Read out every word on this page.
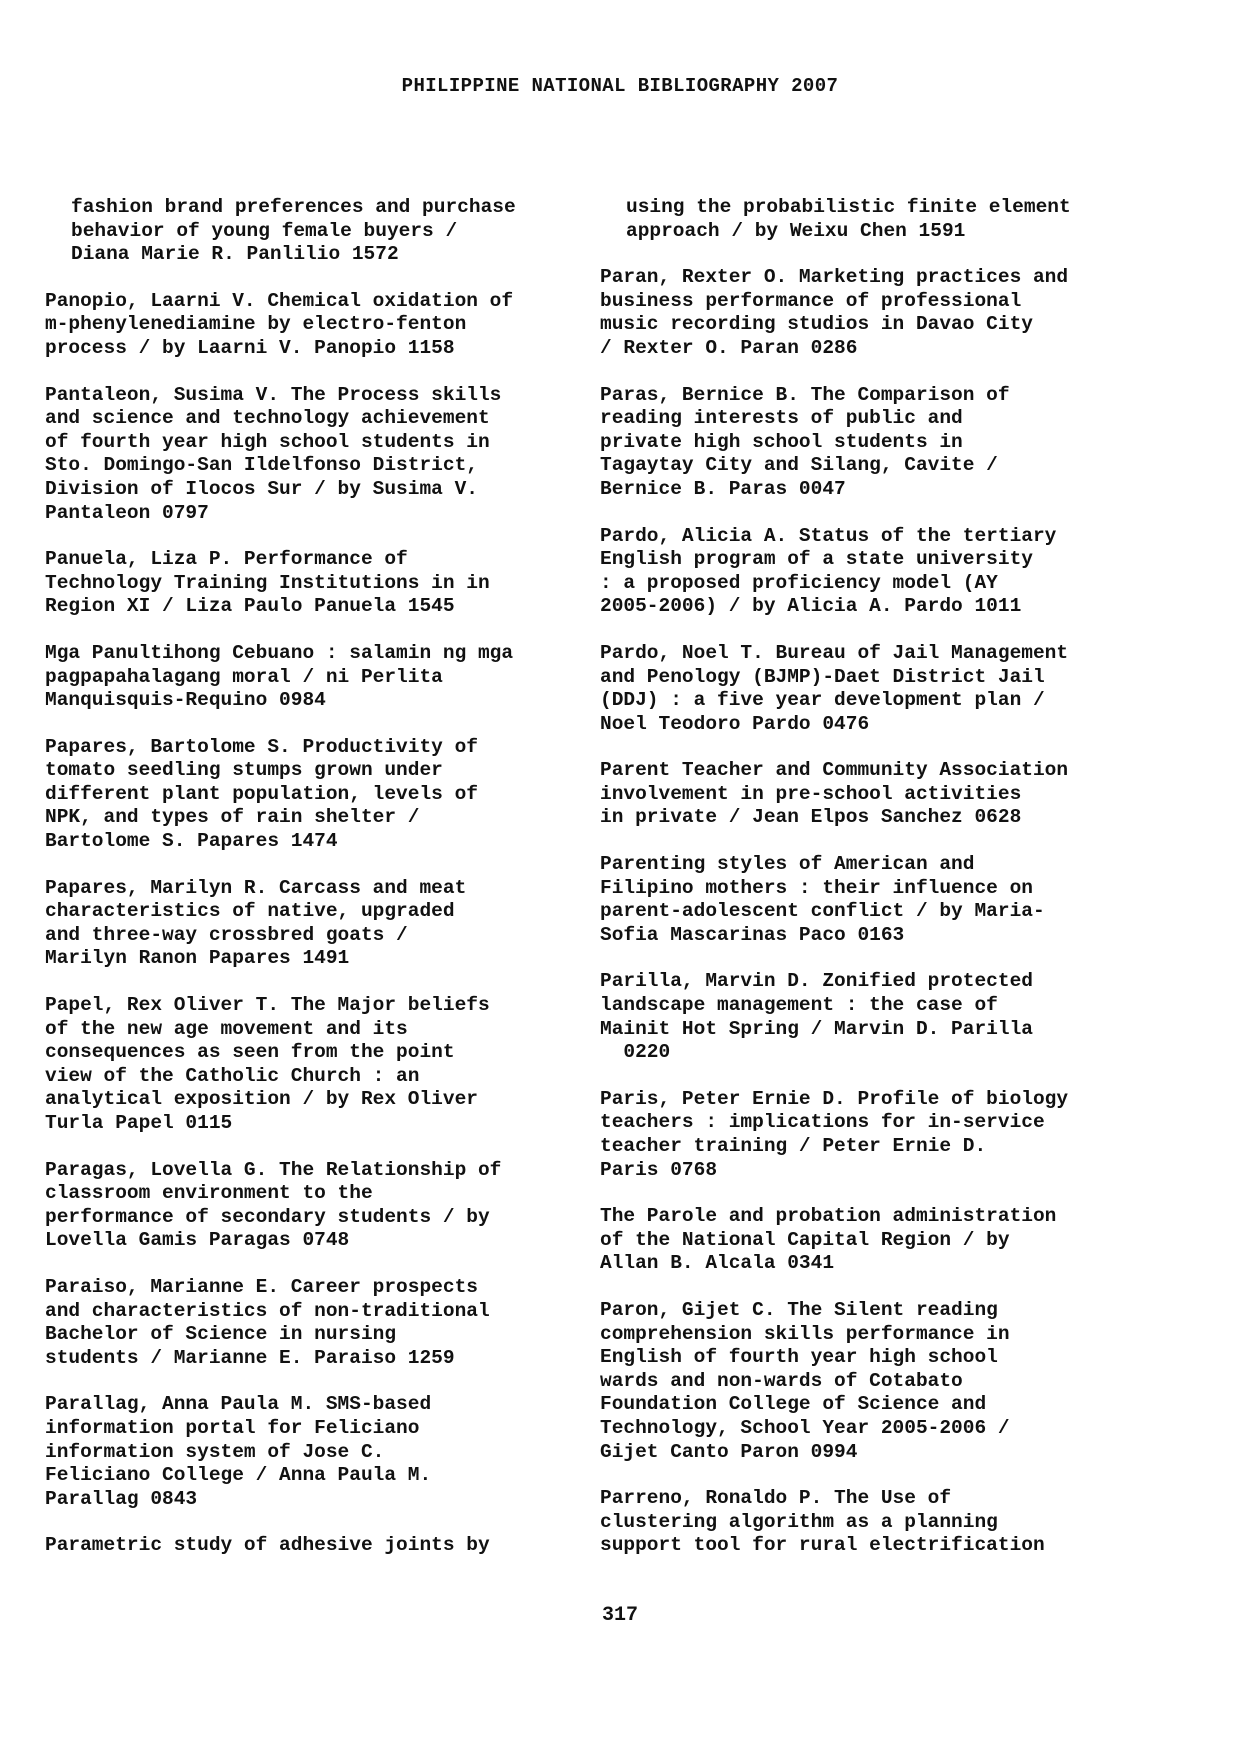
PHILIPPINE NATIONAL BIBLIOGRAPHY 2007
fashion brand preferences and purchase
behavior of young female buyers /
Diana Marie R. Panlilio 1572
Panopio, Laarni V. Chemical oxidation of
m-phenylenediamine by electro-fenton
process / by Laarni V. Panopio 1158
Pantaleon, Susima V. The Process skills
and science and technology achievement
of fourth year high school students in
Sto. Domingo-San Ildelfonso District,
Division of Ilocos Sur / by Susima V.
Pantaleon 0797
Panuela, Liza P. Performance of
Technology Training Institutions in in
Region XI / Liza Paulo Panuela 1545
Mga Panultihong Cebuano : salamin ng mga
pagpapahalagang moral / ni Perlita
Manquisquis-Requino 0984
Papares, Bartolome S. Productivity of
tomato seedling stumps grown under
different plant population, levels of
NPK, and types of rain shelter /
Bartolome S. Papares 1474
Papares, Marilyn R. Carcass and meat
characteristics of native, upgraded
and three-way crossbred goats /
Marilyn Ranon Papares 1491
Papel, Rex Oliver T. The Major beliefs
of the new age movement and its
consequences as seen from the point
view of the Catholic Church : an
analytical exposition / by Rex Oliver
Turla Papel 0115
Paragas, Lovella G. The Relationship of
classroom environment to the
performance of secondary students / by
Lovella Gamis Paragas 0748
Paraiso, Marianne E. Career prospects
and characteristics of non-traditional
Bachelor of Science in nursing
students / Marianne E. Paraiso 1259
Parallag, Anna Paula M. SMS-based
information portal for Feliciano
information system of Jose C.
Feliciano College / Anna Paula M.
Parallag 0843
Parametric study of adhesive joints by
using the probabilistic finite element
approach / by Weixu Chen 1591
Paran, Rexter O. Marketing practices and
business performance of professional
music recording studios in Davao City
/ Rexter O. Paran 0286
Paras, Bernice B. The Comparison of
reading interests of public and
private high school students in
Tagaytay City and Silang, Cavite /
Bernice B. Paras 0047
Pardo, Alicia A. Status of the tertiary
English program of a state university
: a proposed proficiency model (AY
2005-2006) / by Alicia A. Pardo 1011
Pardo, Noel T. Bureau of Jail Management
and Penology (BJMP)-Daet District Jail
(DDJ) : a five year development plan /
Noel Teodoro Pardo 0476
Parent Teacher and Community Association
involvement in pre-school activities
in private / Jean Elpos Sanchez 0628
Parenting styles of American and
Filipino mothers : their influence on
parent-adolescent conflict / by Maria-
Sofia Mascarinas Paco 0163
Parilla, Marvin D. Zonified protected
landscape management : the case of
Mainit Hot Spring / Marvin D. Parilla
0220
Paris, Peter Ernie D. Profile of biology
teachers : implications for in-service
teacher training / Peter Ernie D.
Paris 0768
The Parole and probation administration
of the National Capital Region / by
Allan B. Alcala 0341
Paron, Gijet C. The Silent reading
comprehension skills performance in
English of fourth year high school
wards and non-wards of Cotabato
Foundation College of Science and
Technology, School Year 2005-2006 /
Gijet Canto Paron 0994
Parreno, Ronaldo P. The Use of
clustering algorithm as a planning
support tool for rural electrification
317
